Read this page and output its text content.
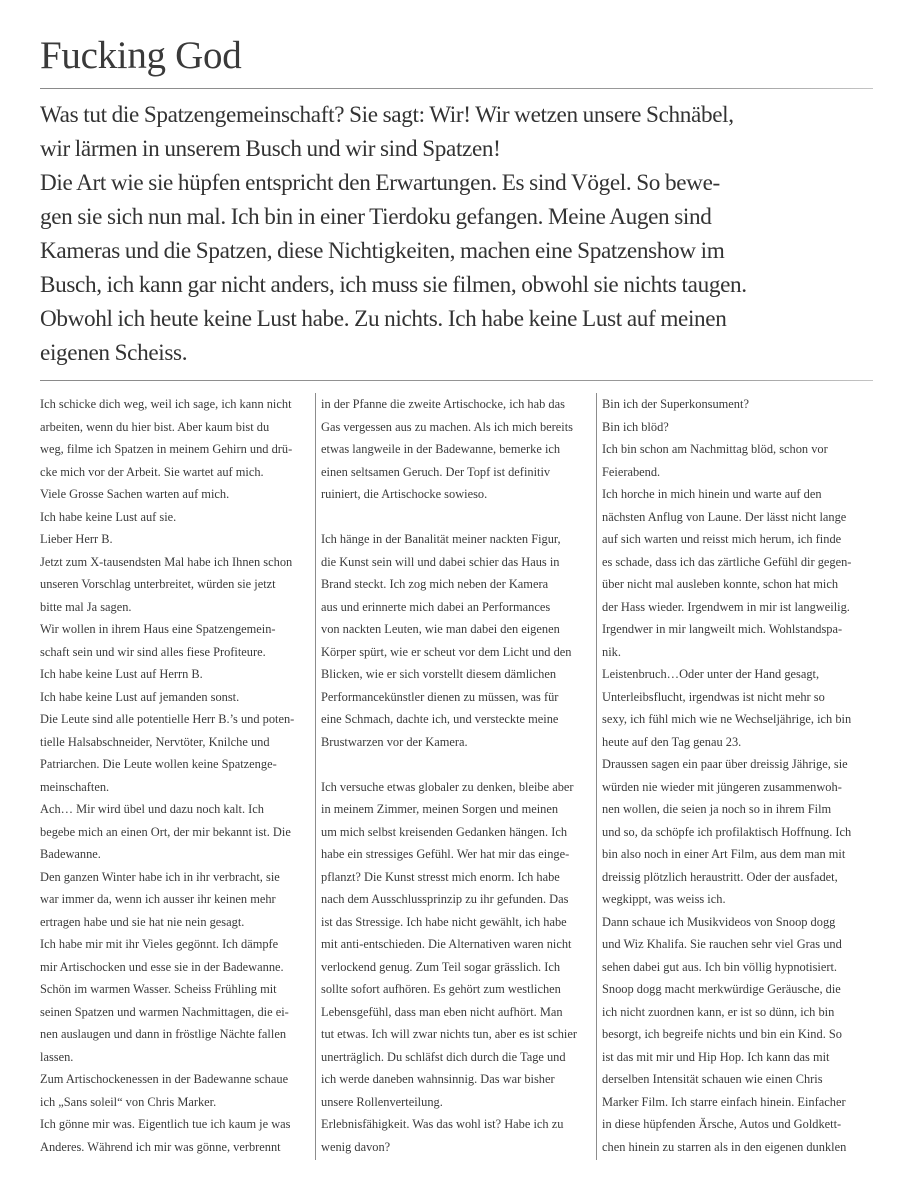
Fucking God

Was tut die Spatzengemeinschaft? Sie sagt: Wir! Wir wetzen unsere Schnäbel,

wir lärmen in unserem Busch und wir sind Spatzen!

Die Art wie sie hüpfen entspricht den Erwartungen. Es sind Vögel. So bewe-

gen sie sich nun mal. Ich bin in einer Tierdoku gefangen. Meine Augen sind

Kameras und die Spatzen, diese Nichtigkeiten, machen eine Spatzenshow im

Busch, ich kann gar nicht anders, ich muss sie filmen, obwohl sie nichts taugen.

Obwohl ich heute keine Lust habe. Zu nichts. Ich habe keine Lust auf meinen

eigenen Scheiss.

Ich schicke dich weg, weil ich sage, ich kann nicht

arbeiten, wenn du hier bist. Aber kaum bist du

weg, filme ich Spatzen in meinem Gehirn und drü-

cke mich vor der Arbeit. Sie wartet auf mich.

Viele Grosse Sachen warten auf mich.

Ich habe keine Lust auf sie.

Lieber Herr B.

Jetzt zum X-tausendsten Mal habe ich Ihnen schon

unseren Vorschlag unterbreitet, würden sie jetzt

bitte mal Ja sagen.

Wir wollen in ihrem Haus eine Spatzengemein-

schaft sein und wir sind alles fiese Profiteure.

Ich habe keine Lust auf Herrn B.

Ich habe keine Lust auf jemanden sonst.

Die Leute sind alle potentielle Herr B.’s und poten-

tielle Halsabschneider, Nervtöter, Knilche und

Patriarchen. Die Leute wollen keine Spatzenge-

meinschaften.

Ach… Mir wird übel und dazu noch kalt. Ich

begebe mich an einen Ort, der mir bekannt ist. Die

Badewanne.

Den ganzen Winter habe ich in ihr verbracht, sie

war immer da, wenn ich ausser ihr keinen mehr

ertragen habe und sie hat nie nein gesagt.

Ich habe mir mit ihr Vieles gegönnt. Ich dämpfe

mir Artischocken und esse sie in der Badewanne.

Schön im warmen Wasser. Scheiss Frühling mit

seinen Spatzen und warmen Nachmittagen, die ei-

nen auslaugen und dann in fröstlige Nächte fallen

lassen.

Zum Artischockenessen in der Badewanne schaue

ich „Sans soleil“ von Chris Marker.

Ich gönne mir was. Eigentlich tue ich kaum je was

Anderes. Während ich mir was gönne, verbrennt

in der Pfanne die zweite Artischocke, ich hab das

Gas vergessen aus zu machen. Als ich mich bereits

etwas langweile in der Badewanne, bemerke ich

einen seltsamen Geruch. Der Topf ist definitiv

ruiniert, die Artischocke sowieso.

Ich hänge in der Banalität meiner nackten Figur,

die Kunst sein will und dabei schier das Haus in

Brand steckt. Ich zog mich neben der Kamera

aus und erinnerte mich dabei an Performances

von nackten Leuten, wie man dabei den eigenen

Körper spürt, wie er scheut vor dem Licht und den

Blicken, wie er sich vorstellt diesem dämlichen

Performancekünstler dienen zu müssen, was für

eine Schmach, dachte ich, und versteckte meine

Brustwarzen vor der Kamera.

Ich versuche etwas globaler zu denken, bleibe aber

in meinem Zimmer, meinen Sorgen und meinen

um mich selbst kreisenden Gedanken hängen. Ich

habe ein stressiges Gefühl. Wer hat mir das einge-

pflanzt? Die Kunst stresst mich enorm. Ich habe

nach dem Ausschlussprinzip zu ihr gefunden. Das

ist das Stressige. Ich habe nicht gewählt, ich habe

mit anti-entschieden. Die Alternativen waren nicht

verlockend genug. Zum Teil sogar grässlich. Ich

sollte sofort aufhören. Es gehört zum westlichen

Lebensgefühl, dass man eben nicht aufhört. Man

tut etwas. Ich will zwar nichts tun, aber es ist schier

unerträglich. Du schläfst dich durch die Tage und

ich werde daneben wahnsinnig. Das war bisher

unsere Rollenverteilung.

Erlebnisfähigkeit. Was das wohl ist? Habe ich zu

wenig davon?

Bin ich der Superkonsument?

Bin ich blöd?

Ich bin schon am Nachmittag blöd, schon vor

Feierabend.

Ich horche in mich hinein und warte auf den

nächsten Anflug von Laune. Der lässt nicht lange

auf sich warten und reisst mich herum, ich finde

es schade, dass ich das zärtliche Gefühl dir gegen-

über nicht mal ausleben konnte, schon hat mich

der Hass wieder. Irgendwem in mir ist langweilig.

Irgendwer in mir langweilt mich. Wohlstandspa-

nik.

Leistenbruch…Oder unter der Hand gesagt,

Unterleibsflucht, irgendwas ist nicht mehr so

sexy, ich fühl mich wie ne Wechseljährige, ich bin

heute auf den Tag genau 23.

Draussen sagen ein paar über dreissig Jährige, sie

würden nie wieder mit jüngeren zusammenwoh-

nen wollen, die seien ja noch so in ihrem Film

und so, da schöpfe ich profilaktisch Hoffnung. Ich

bin also noch in einer Art Film, aus dem man mit

dreissig plötzlich heraustritt. Oder der ausfadet,

wegkippt, was weiss ich.

Dann schaue ich Musikvideos von Snoop dogg

und Wiz Khalifa. Sie rauchen sehr viel Gras und

sehen dabei gut aus. Ich bin völlig hypnotisiert.

Snoop dogg macht merkwürdige Geräusche, die

ich nicht zuordnen kann, er ist so dünn, ich bin

besorgt, ich begreife nichts und bin ein Kind. So

ist das mit mir und Hip Hop. Ich kann das mit

derselben Intensität schauen wie einen Chris

Marker Film. Ich starre einfach hinein. Einfacher

in diese hüpfenden Ärsche, Autos und Goldkett-

chen hinein zu starren als in den eigenen dunklen
